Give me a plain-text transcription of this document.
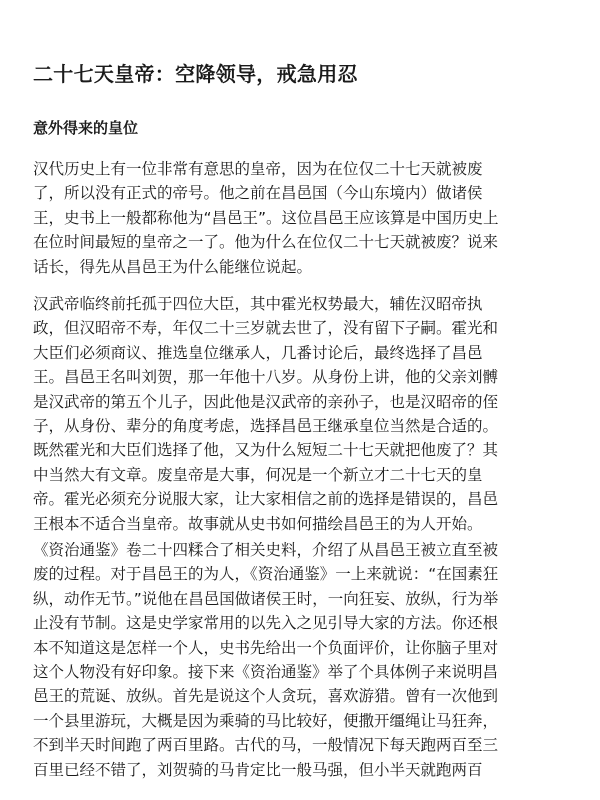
二十七天皇帝：空降领导，戒急用忍
意外得来的皇位

汉代历史上有一位非常有意思的皇帝，因为在位仅二十七天就被废
了，所以没有正式的帝号。他之前在昌邑国（今山东境内）做诸侯
王，史书上一般都称他为“昌邑王”。这位昌邑王应该算是中国历史上
在位时间最短的皇帝之一了。他为什么在位仅二十七天就被废？说来
话长，得先从昌邑王为什么能继位说起。

汉武帝临终前托孤于四位大臣，其中霍光权势最大，辅佐汉昭帝执
政，但汉昭帝不寿，年仅二十三岁就去世了，没有留下子嗣。霍光和
大臣们必须商议、推选皇位继承人，几番讨论后，最终选择了昌邑
王。昌邑王名叫刘贺，那一年他十八岁。从身份上讲，他的父亲刘髆
是汉武帝的第五个儿子，因此他是汉武帝的亲孙子，也是汉昭帝的侄
子，从身份、辈分的角度考虑，选择昌邑王继承皇位当然是合适的。
既然霍光和大臣们选择了他，又为什么短短二十七天就把他废了？其
中当然大有文章。废皇帝是大事，何况是一个新立才二十七天的皇
帝。霍光必须充分说服大家，让大家相信之前的选择是错误的，昌邑
王根本不适合当皇帝。故事就从史书如何描绘昌邑王的为人开始。

《资治通鉴》卷二十四糅合了相关史料，介绍了从昌邑王被立直至被
废的过程。对于昌邑王的为人，《资治通鉴》一上来就说：“在国素狂
纵，动作无节。”说他在昌邑国做诸侯王时，一向狂妄、放纵，行为举
止没有节制。这是史学家常用的以先入之见引导大家的方法。你还根
本不知道这是怎样一个人，史书先给出一个负面评价，让你脑子里对
这个人物没有好印象。接下来《资治通鉴》举了个具体例子来说明昌
邑王的荒诞、放纵。首先是说这个人贪玩，喜欢游猎。曾有一次他到
一个县里游玩，大概是因为乘骑的马比较好，便撒开缰绳让马狂奔，
不到半天时间跑了两百里路。古代的马，一般情况下每天跑两百至三
百里已经不错了，刘贺骑的马肯定比一般马强，但小半天就跑两百
